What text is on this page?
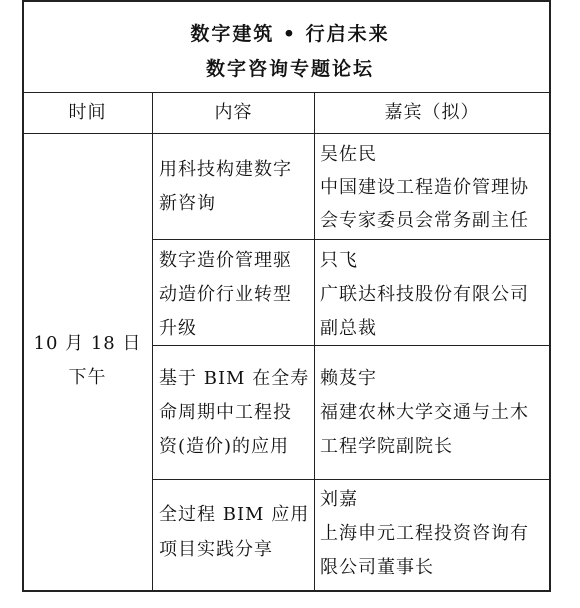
数字建筑 • 行启未来
数字咨询专题论坛
时间	内容	嘉宾（拟）
10 月 18 日
下午
用科技构建数字
新咨询
吴佐民
中国建设工程造价管理协
会专家委员会常务副主任
数字造价管理驱
动造价行业转型
升级
只飞
广联达科技股份有限公司
副总裁
基于 BIM 在全寿
命周期中工程投
资(造价)的应用
赖芨宇
福建农林大学交通与土木
工程学院副院长
全过程 BIM 应用
项目实践分享
刘嘉
上海申元工程投资咨询有
限公司董事长
